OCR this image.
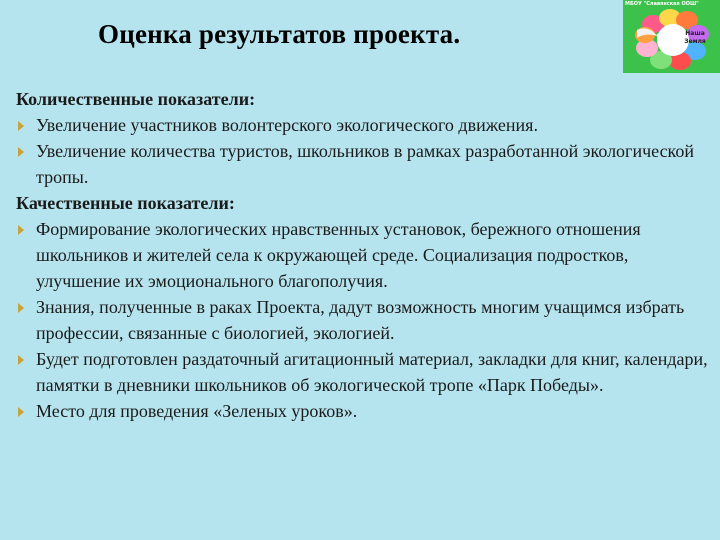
Оценка результатов проекта.
МБОУ "Славянская ООШ"
Наша Земля

Количественные показатели:

Увеличение участников волонтерского экологического движения.
Увеличение количества туристов, школьников в рамках разработанной экологической тропы.

Качественные показатели:

Формирование экологических нравственных установок, бережного отношения школьников и жителей села к окружающей среде. Социализация подростков, улучшение их эмоционального благополучия.
Знания, полученные в раках Проекта, дадут возможность многим учащимся избрать профессии, связанные с биологией, экологией.
Будет подготовлен раздаточный агитационный материал, закладки для книг, календари, памятки в дневники школьников об экологической тропе «Парк Победы».
Место для проведения «Зеленых уроков».
